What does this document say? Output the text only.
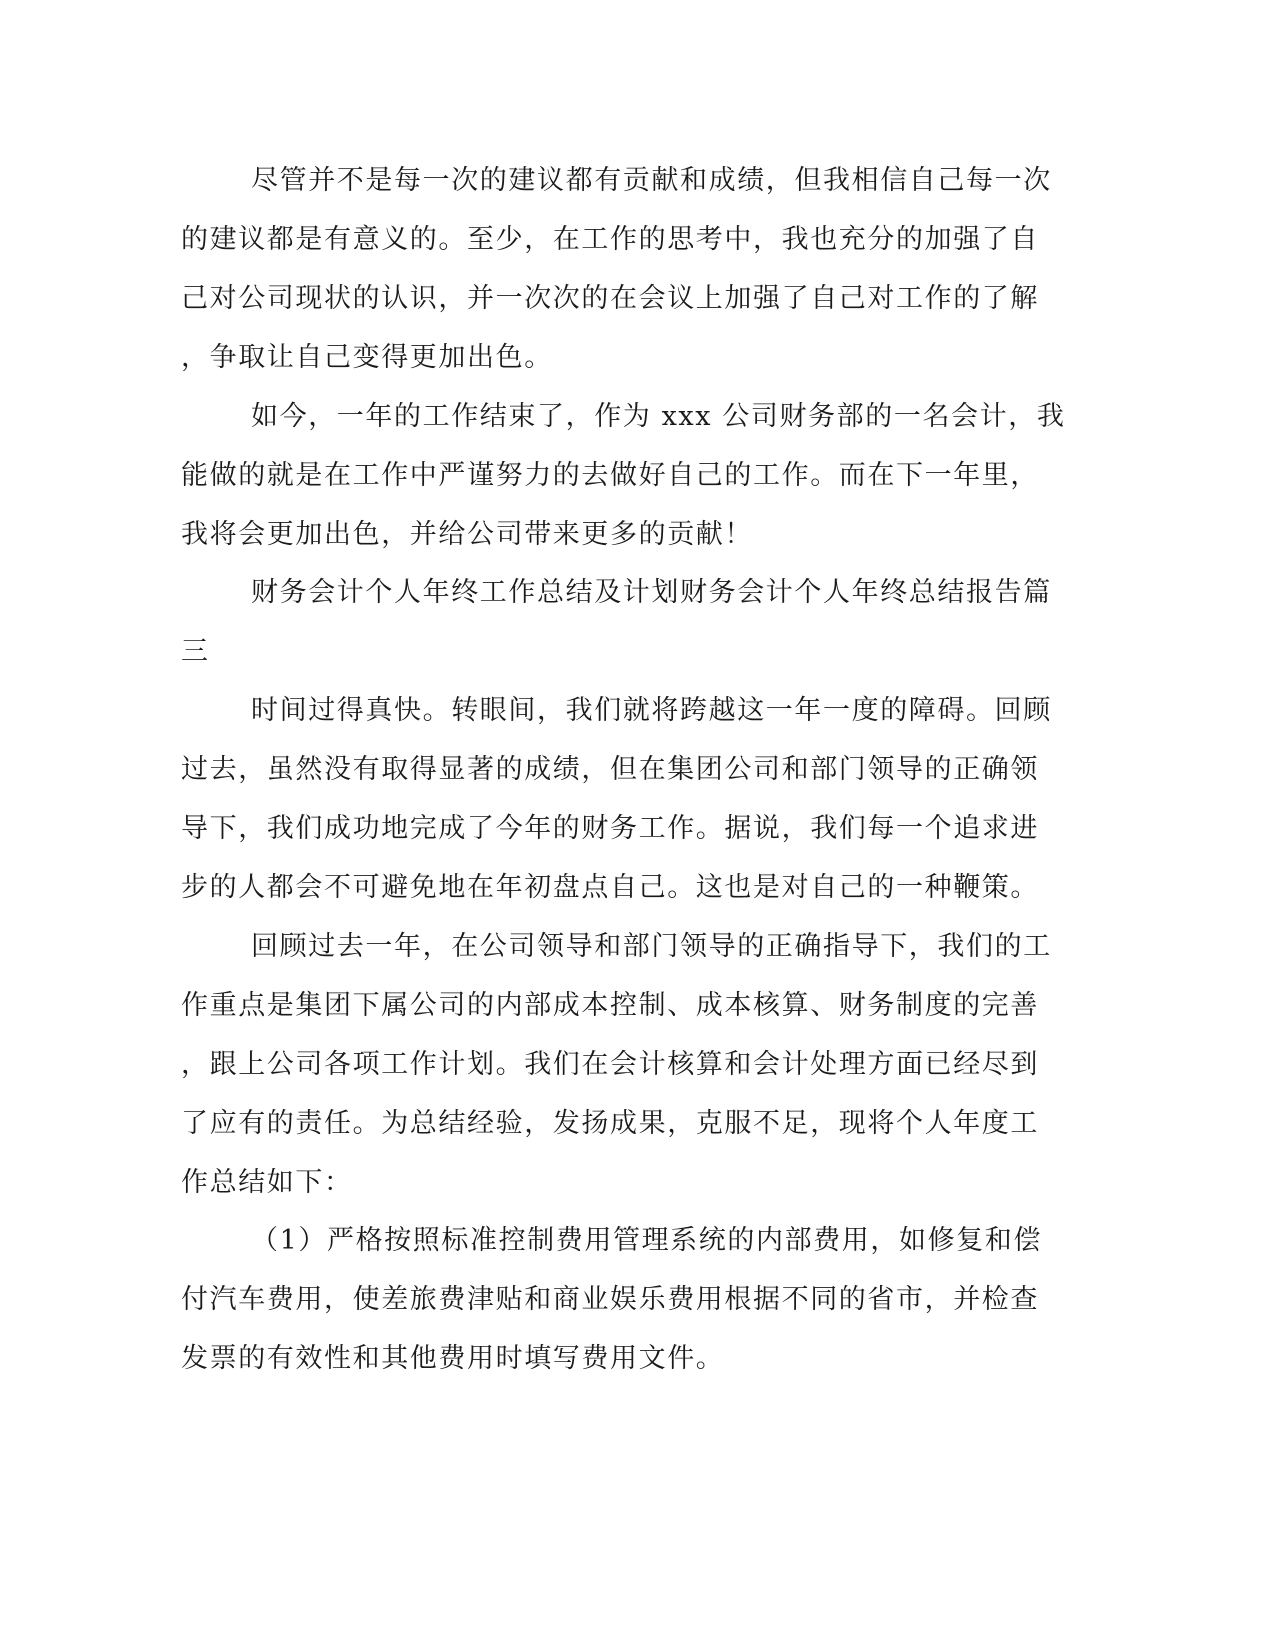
尽管并不是每一次的建议都有贡献和成绩，但我相信自己每一次
的建议都是有意义的。至少，在工作的思考中，我也充分的加强了自
己对公司现状的认识，并一次次的在会议上加强了自己对工作的了解
，争取让自己变得更加出色。
如今，一年的工作结束了，作为 xxx 公司财务部的一名会计，我
能做的就是在工作中严谨努力的去做好自己的工作。而在下一年里，
我将会更加出色，并给公司带来更多的贡献！
财务会计个人年终工作总结及计划财务会计个人年终总结报告篇
三
时间过得真快。转眼间，我们就将跨越这一年一度的障碍。回顾
过去，虽然没有取得显著的成绩，但在集团公司和部门领导的正确领
导下，我们成功地完成了今年的财务工作。据说，我们每一个追求进
步的人都会不可避免地在年初盘点自己。这也是对自己的一种鞭策。
回顾过去一年，在公司领导和部门领导的正确指导下，我们的工
作重点是集团下属公司的内部成本控制、成本核算、财务制度的完善
，跟上公司各项工作计划。我们在会计核算和会计处理方面已经尽到
了应有的责任。为总结经验，发扬成果，克服不足，现将个人年度工
作总结如下：
（1）严格按照标准控制费用管理系统的内部费用，如修复和偿
付汽车费用，使差旅费津贴和商业娱乐费用根据不同的省市，并检查
发票的有效性和其他费用时填写费用文件。
